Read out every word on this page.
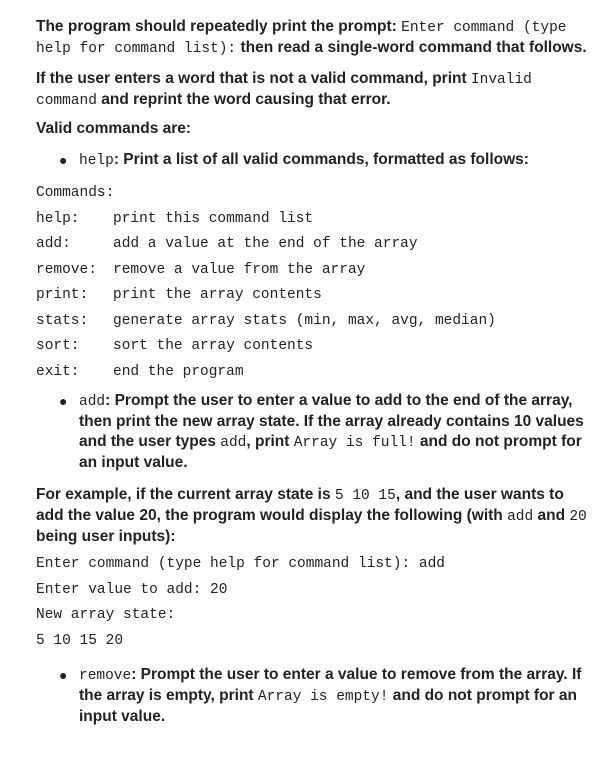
The program should repeatedly print the prompt: Enter command (type help for command list): then read a single-word command that follows.

If the user enters a word that is not a valid command, print Invalid command and reprint the word causing that error.

Valid commands are:

● help: Print a list of all valid commands, formatted as follows:
Commands:
help: print this command list
add:	add a value at the end of the array
remove: remove a value from the array
print: print the array contents
stats: generate array stats (min, max, avg, median)
sort: sort the array contents
exit: end the program
● add: Prompt the user to enter a value to add to the end of the array, then print the new array state. If the array already contains 10 values and the user types add, print Array is full! and do not prompt for an input value.

For example, if the current array state is 5 10 15, and the user wants to add the value 20, the program would display the following (with add and 20 being user inputs):

Enter command (type help for command list): add
Enter value to add: 20
New array state:
5 10 15 20
● remove: Prompt the user to enter a value to remove from the array. If the array is empty, print Array is empty! and do not prompt for an input value.
